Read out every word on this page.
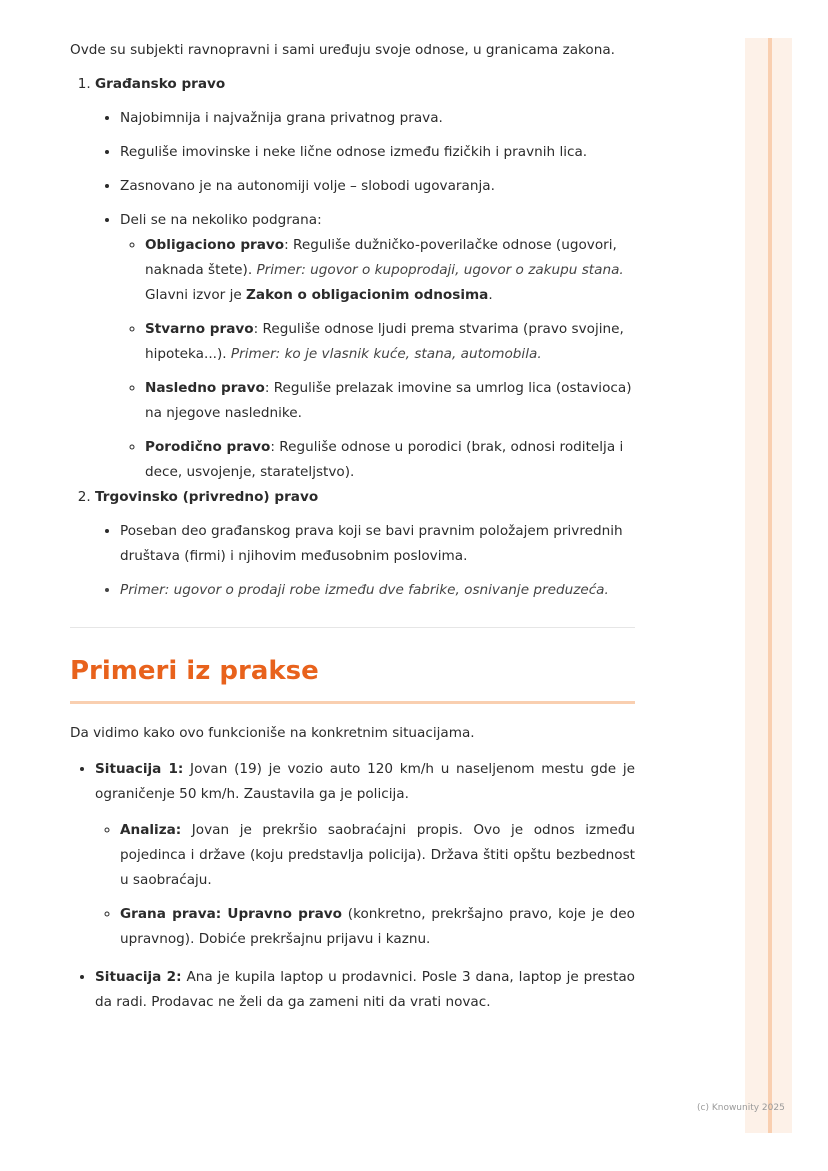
Ovde su subjekti ravnopravni i sami uređuju svoje odnose, u granicama zakona.

1. Građansko pravo
• Najobimnija i najvažnija grana privatnog prava.
• Reguliše imovinske i neke lične odnose između fizičkih i pravnih lica.
• Zasnovano je na autonomiji volje – slobodi ugovaranja.
• Deli se na nekoliko podgrana:
◦ Obligaciono pravo: Reguliše dužničko-poverilačke odnose (ugovori, naknada štete). Primer: ugovor o kupoprodaji, ugovor o zakupu stana. Glavni izvor je Zakon o obligacionim odnosima.
◦ Stvarno pravo: Reguliše odnose ljudi prema stvarima (pravo svojine, hipoteka...). Primer: ko je vlasnik kuće, stana, automobila.
◦ Nasledno pravo: Reguliše prelazak imovine sa umrlog lica (ostavioca) na njegove naslednike.
◦ Porodično pravo: Reguliše odnose u porodici (brak, odnosi roditelja i dece, usvojenje, starateljstvo).
2. Trgovinsko (privredno) pravo
• Poseban deo građanskog prava koji se bavi pravnim položajem privrednih društava (firmi) i njihovim međusobnim poslovima.
• Primer: ugovor o prodaji robe između dve fabrike, osnivanje preduzeća.
Primeri iz prakse

Da vidimo kako ovo funkcioniše na konkretnim situacijama.

• Situacija 1: Jovan (19) je vozio auto 120 km/h u naseljenom mestu gde je ograničenje 50 km/h. Zaustavila ga je policija.
◦ Analiza: Jovan je prekršio saobraćajni propis. Ovo je odnos između pojedinca i države (koju predstavlja policija). Država štiti opštu bezbednost u saobraćaju.
◦ Grana prava: Upravno pravo (konkretno, prekršajno pravo, koje je deo upravnog). Dobiće prekršajnu prijavu i kaznu.
• Situacija 2: Ana je kupila laptop u prodavnici. Posle 3 dana, laptop je prestao da radi. Prodavac ne želi da ga zameni niti da vrati novac.
(c) Knowunity 2025
